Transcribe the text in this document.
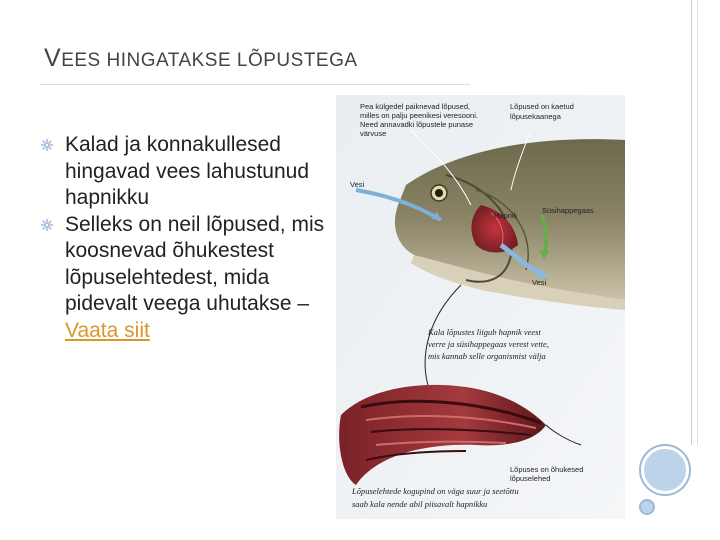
VEES HINGATAKSE LÕPUSTEGA
Kalad ja konnakullesed hingavad vees lahustunud hapnikku
Selleks on neil lõpused, mis koosnevad õhukestest lõpuselehtedest, mida pidevalt veega uhutakse – Vaata siit
Pea külgedel paiknevad lõpused, milles on palju peenikesi veresooni. Need annavadki lõpustele punase värvuse
Lõpused on kaetud lõpusekaanega
Vesi
Hapnik
Süsihappegaas
Vesi
Kala lõpustes liigub hapnik veest verre ja süsihappegaas verest vette, mis kannab selle organismist välja
Lõpuses on õhukesed lõpuselehed
Lõpuselehtede kogupind on väga suur ja seetõttu saab kala nende abil piisavalt hapnikku
